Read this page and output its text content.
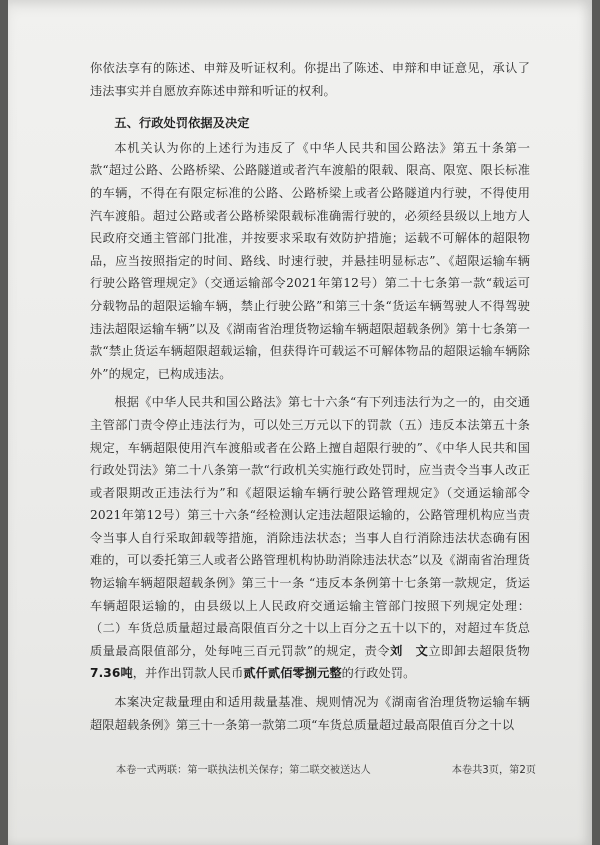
你依法享有的陈述、申辩及听证权利。你提出了陈述、申辩和申证意见，承认了违法事实并自愿放弃陈述申辩和听证的权利。

五、行政处罚依据及决定

本机关认为你的上述行为违反了《中华人民共和国公路法》第五十条第一款“超过公路、公路桥梁、公路隧道或者汽车渡船的限载、限高、限宽、限长标准的车辆，不得在有限定标准的公路、公路桥梁上或者公路隧道内行驶，不得使用汽车渡船。超过公路或者公路桥梁限载标准确需行驶的，必须经县级以上地方人民政府交通主管部门批准，并按要求采取有效防护措施；运载不可解体的超限物品，应当按照指定的时间、路线、时速行驶，并悬挂明显标志”、《超限运输车辆行驶公路管理规定》（交通运输部令2021年第12号）第二十七条第一款“载运可分载物品的超限运输车辆，禁止行驶公路”和第三十条“货运车辆驾驶人不得驾驶违法超限运输车辆”以及《湖南省治理货物运输车辆超限超载条例》第十七条第一款“禁止货运车辆超限超载运输，但获得许可载运不可解体物品的超限运输车辆除外”的规定，已构成违法。

根据《中华人民共和国公路法》第七十六条“有下列违法行为之一的，由交通主管部门责令停止违法行为，可以处三万元以下的罚款（五）违反本法第五十条规定，车辆超限使用汽车渡船或者在公路上擅自超限行驶的”、《中华人民共和国行政处罚法》第二十八条第一款“行政机关实施行政处罚时，应当责令当事人改正或者限期改正违法行为”和《超限运输车辆行驶公路管理规定》（交通运输部令2021年第12号）第三十六条“经检测认定违法超限运输的，公路管理机构应当责令当事人自行采取卸载等措施，消除违法状态；当事人自行消除违法状态确有困难的，可以委托第三人或者公路管理机构协助消除违法状态”以及《湖南省治理货物运输车辆超限超载条例》第三十一条 “违反本条例第十七条第一款规定，货运车辆超限运输的，由县级以上人民政府交通运输主管部门按照下列规定处理：（二）车货总质量超过最高限值百分之十以上百分之五十以下的，对超过车货总质量最高限值部分，处每吨三百元罚款”的规定，责令刘　文立即卸去超限货物7.36吨，并作出罚款人民币贰仟贰佰零捌元整的行政处罚。

本案决定裁量理由和适用裁量基准、规则情况为《湖南省治理货物运输车辆超限超载条例》第三十一条第一款第二项“车货总质量超过最高限值百分之十以

本卷一式两联：第一联执法机关保存；第二联交被送达人	本卷共3页，第2页
